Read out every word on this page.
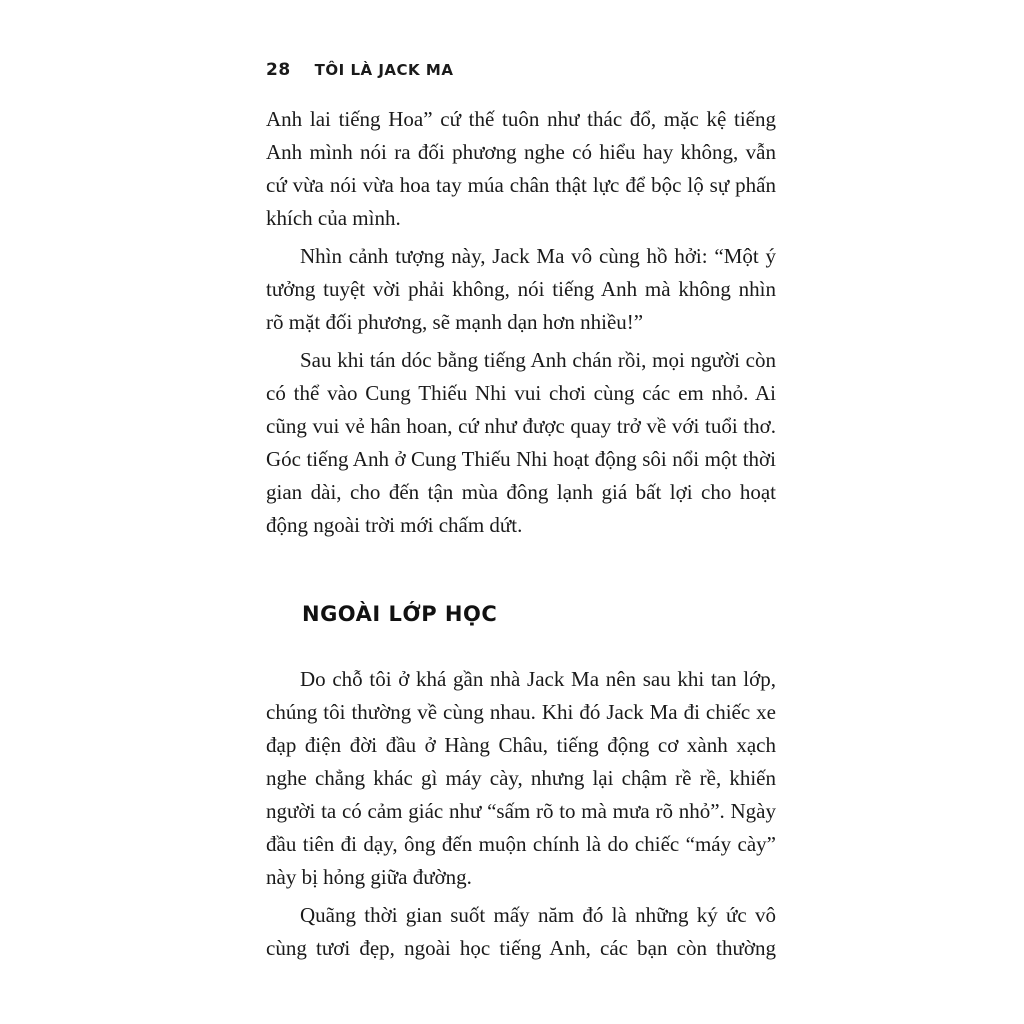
28 TÔI LÀ JACK MA

Anh lai tiếng Hoa” cứ thế tuôn như thác đổ, mặc kệ tiếng
Anh mình nói ra đối phương nghe có hiểu hay không, vẫn
cứ vừa nói vừa hoa tay múa chân thật lực để bộc lộ sự phấn
khích của mình.

Nhìn cảnh tượng này, Jack Ma vô cùng hồ hởi: “Một ý
tưởng tuyệt vời phải không, nói tiếng Anh mà không nhìn
rõ mặt đối phương, sẽ mạnh dạn hơn nhiều!”

Sau khi tán dóc bằng tiếng Anh chán rồi, mọi người còn
có thể vào Cung Thiếu Nhi vui chơi cùng các em nhỏ. Ai
cũng vui vẻ hân hoan, cứ như được quay trở về với tuổi thơ.
Góc tiếng Anh ở Cung Thiếu Nhi hoạt động sôi nổi một thời
gian dài, cho đến tận mùa đông lạnh giá bất lợi cho hoạt
động ngoài trời mới chấm dứt.

NGOÀI LỚP HỌC

Do chỗ tôi ở khá gần nhà Jack Ma nên sau khi tan lớp,
chúng tôi thường về cùng nhau. Khi đó Jack Ma đi chiếc xe
đạp điện đời đầu ở Hàng Châu, tiếng động cơ xành xạch
nghe chẳng khác gì máy cày, nhưng lại chậm rề rề, khiến
người ta có cảm giác như “sấm rõ to mà mưa rõ nhỏ”. Ngày
đầu tiên đi dạy, ông đến muộn chính là do chiếc “máy cày”
này bị hỏng giữa đường.

Quãng thời gian suốt mấy năm đó là những ký ức vô
cùng tươi đẹp, ngoài học tiếng Anh, các bạn còn thường
